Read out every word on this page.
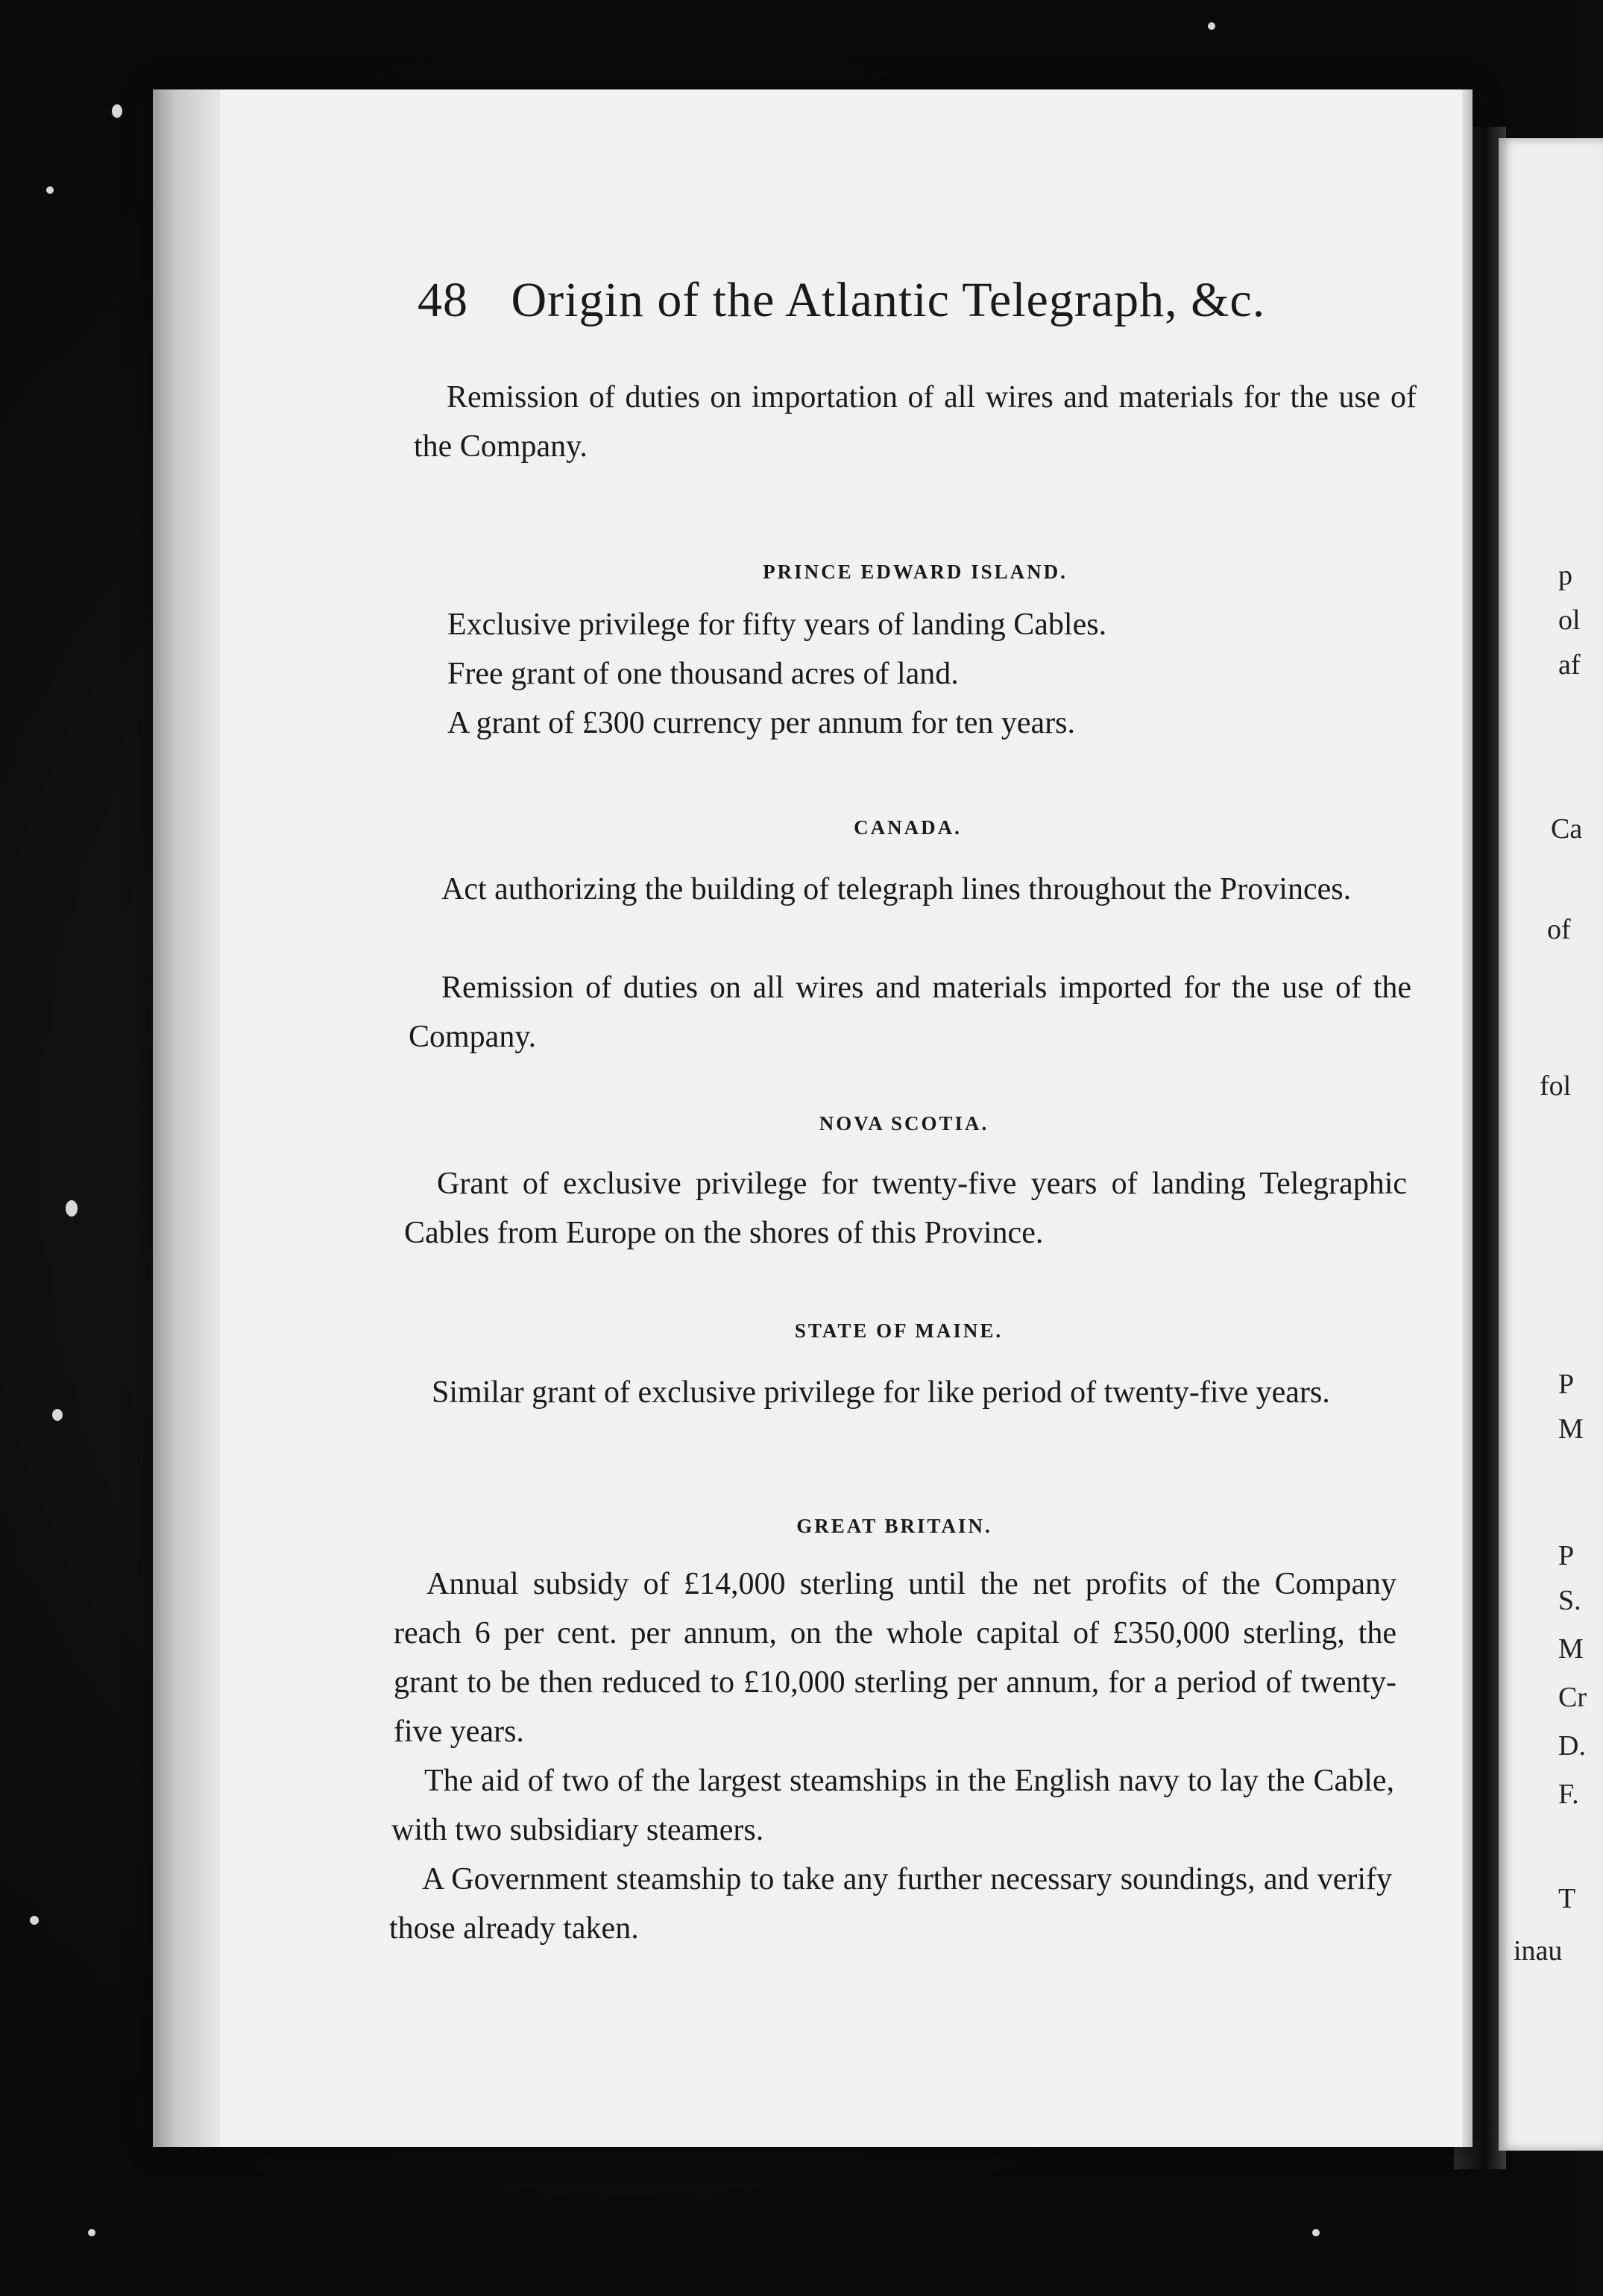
p
ol
af
Ca
of
fol
P
M
P
S.
M
Cr
D.
F.
T
inau
48 Origin of the Atlantic Telegraph, &c.
Remission of duties on importation of all wires and materials for the use of the Company.
PRINCE EDWARD ISLAND.
Exclusive privilege for fifty years of landing Cables.
Free grant of one thousand acres of land.
A grant of £300 currency per annum for ten years.
CANADA.
Act authorizing the building of telegraph lines throughout the Provinces.
Remission of duties on all wires and materials imported for the use of the Company.
NOVA SCOTIA.
Grant of exclusive privilege for twenty-five years of landing Telegraphic Cables from Europe on the shores of this Province.
STATE OF MAINE.
Similar grant of exclusive privilege for like period of twenty-five years.
GREAT BRITAIN.
Annual subsidy of £14,000 sterling until the net profits of the Company reach 6 per cent. per annum, on the whole capital of £350,000 sterling, the grant to be then reduced to £10,000 sterling per annum, for a period of twenty-five years.
The aid of two of the largest steamships in the English navy to lay the Cable, with two subsidiary steamers.
A Government steamship to take any further necessary soundings, and verify those already taken.
